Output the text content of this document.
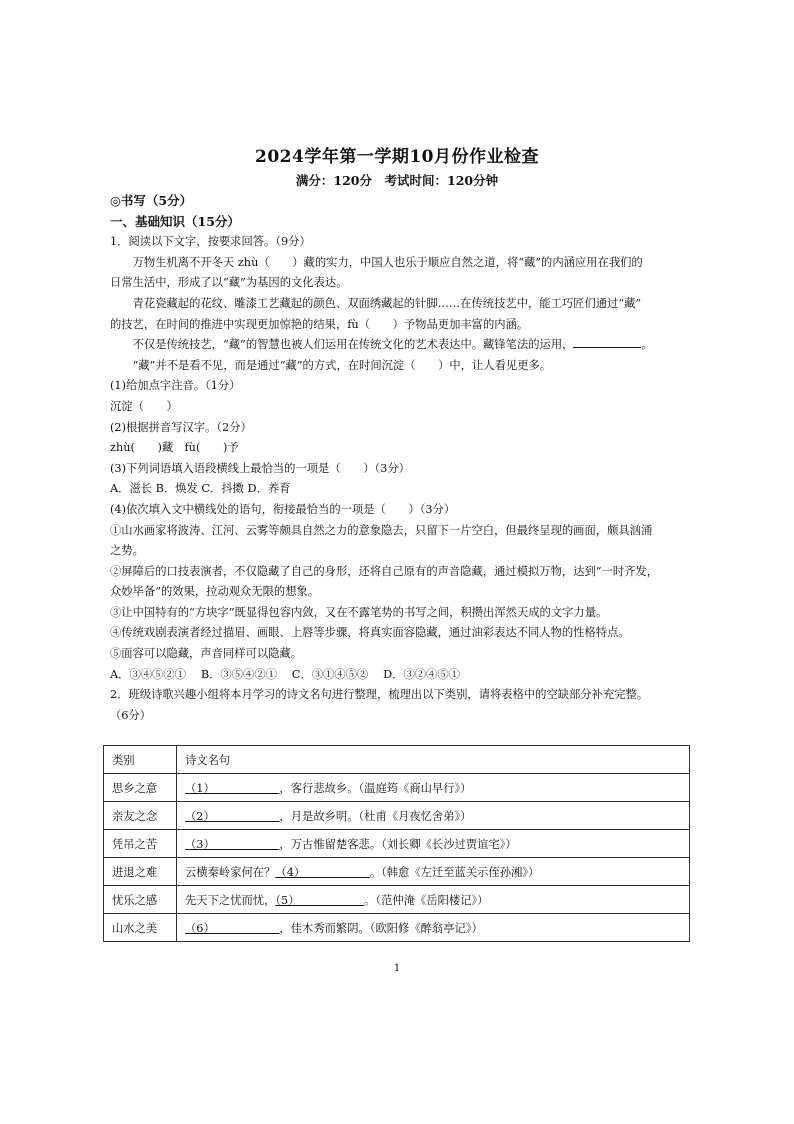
2024学年第一学期10月份作业检查
满分：120分　考试时间：120分钟

◎书写（5分）

一、基础知识（15分）

1．阅读以下文字，按要求回答。（9分）

万物生机离不开冬天 zhù（　　）藏的实力，中国人也乐于顺应自然之道，将“藏”的内涵应用在我们的

日常生活中，形成了以“藏”为基因的文化表达。

青花瓷藏起的花纹、雕漆工艺藏起的颜色、双面绣藏起的针脚……在传统技艺中，能工巧匠们通过“藏”

的技艺，在时间的推进中实现更加惊艳的结果，fù（　　）予物品更加丰富的内涵。

不仅是传统技艺，“藏”的智慧也被人们运用在传统文化的艺术表达中。藏锋笔法的运用，	。

“藏”并不是看不见，而是通过“藏”的方式，在时间沉淀（　　）中，让人看见更多。

(1)给加点字注音。（1分）

沉淀（　　）

(2)根据拼音写汉字。（2分）

zhù(　　)藏　fù(　　)予

(3)下列词语填入语段横线上最恰当的一项是（　　）（3分）

A．滋长 B．焕发 C．抖擞 D．养育

(4)依次填入文中横线处的语句，衔接最恰当的一项是（　　）（3分）

①山水画家将波涛、江河、云雾等颇具自然之力的意象隐去，只留下一片空白，但最终呈现的画面，颇具汹涌

之势。

②屏障后的口技表演者，不仅隐藏了自己的身形，还将自己原有的声音隐藏，通过模拟万物，达到“一时齐发，

众妙毕备”的效果，拉动观众无限的想象。

③让中国特有的“方块字”既显得包容内敛，又在不露笔势的书写之间，积攒出浑然天成的文字力量。

④传统戏剧表演者经过描眉、画眼、上唇等步骤，将真实面容隐藏，通过油彩表达不同人物的性格特点。

⑤面容可以隐藏，声音同样可以隐藏。

A．③④⑤②①　 B．③⑤④②①　 C．③①④⑤②　 D．③②④⑤①

2．班级诗歌兴趣小组将本月学习的诗文名句进行整理，梳理出以下类别，请将表格中的空缺部分补充完整。

（6分）

类别	诗文名句
思乡之意	（1）                  ，客行悲故乡。（温庭筠《商山早行》）
亲友之念	（2）                  ，月是故乡明。（杜甫《月夜忆舍弟》）
凭吊之苦	（3）                  ，万古惟留楚客悲。（刘长卿《长沙过贾谊宅》）
进退之难	云横秦岭家何在？（4）                  。（韩愈《左迁至蓝关示侄孙湘》）
忧乐之感	先天下之忧而忧，（5）                  。（范仲淹《岳阳楼记》）
山水之美	（6）                  ，佳木秀而繁阴。（欧阳修《醉翁亭记》）
1
